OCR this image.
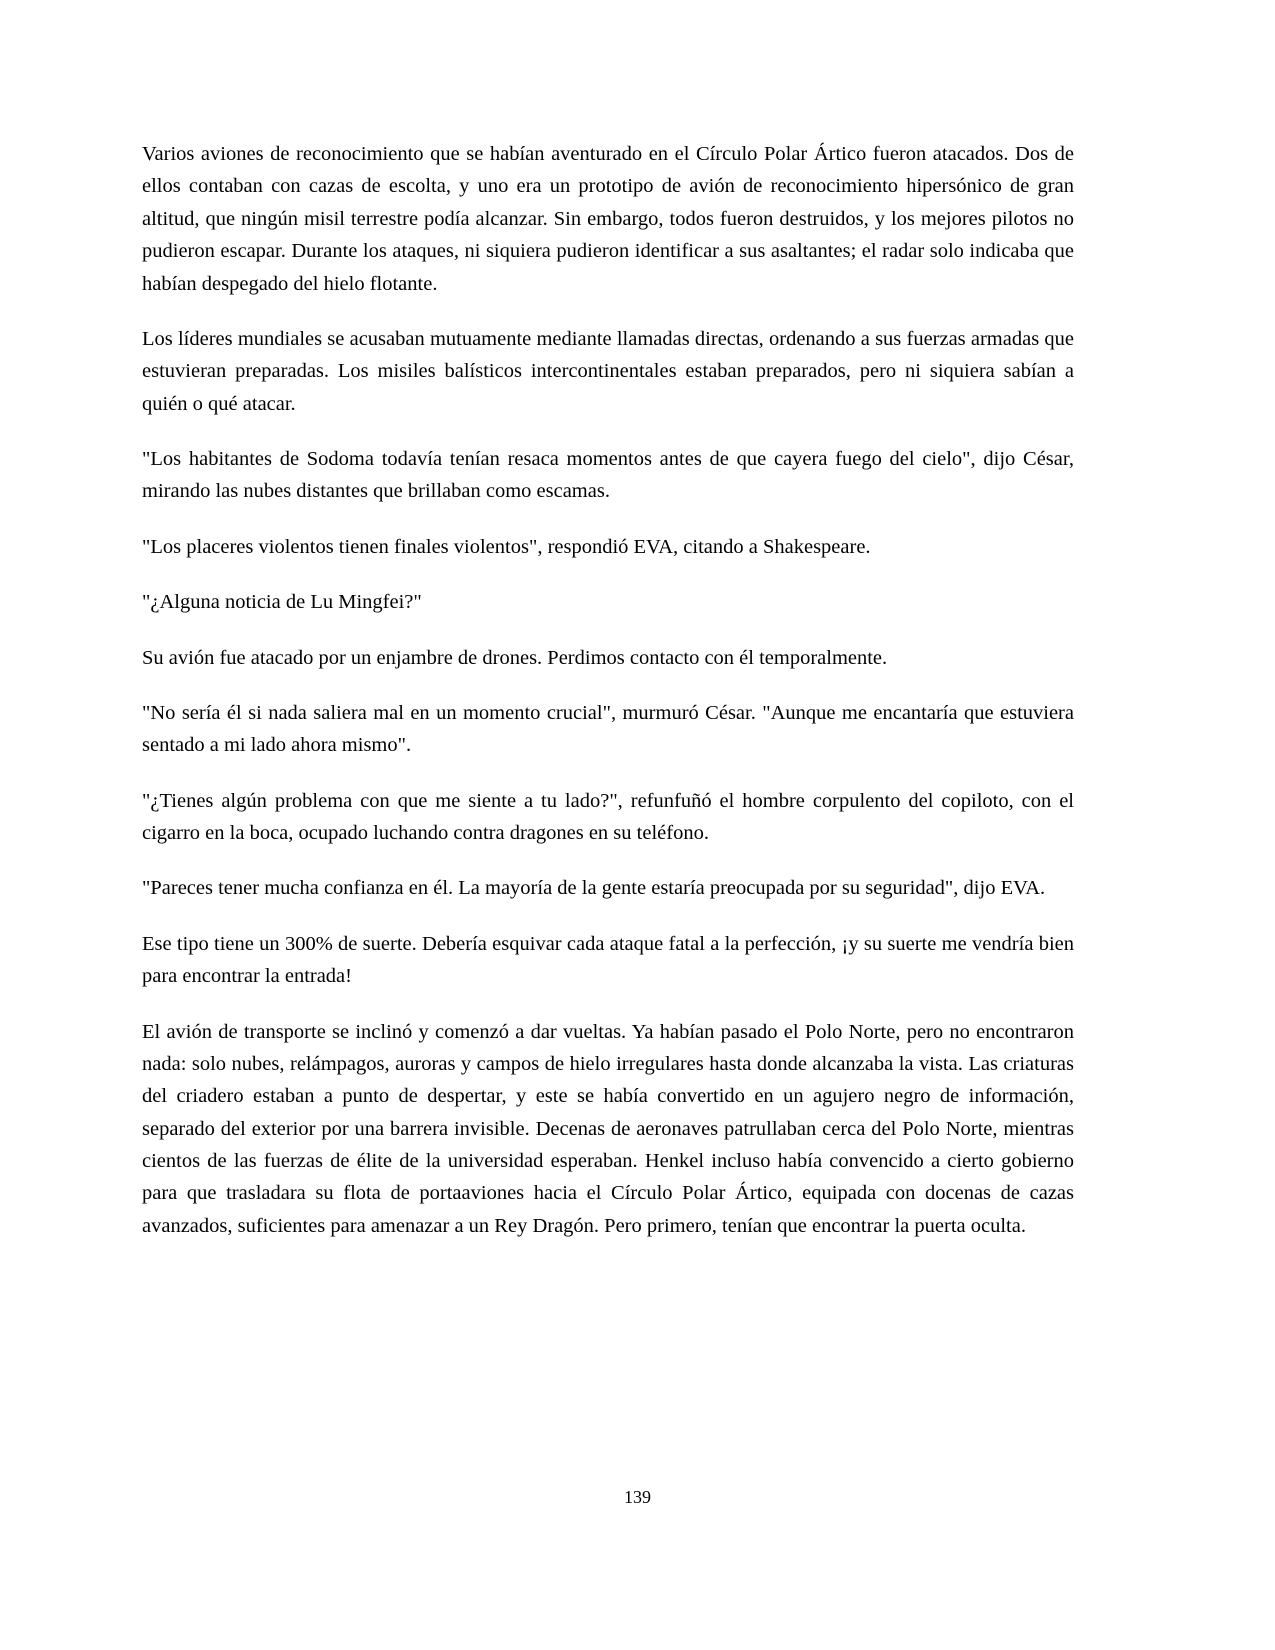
Varios aviones de reconocimiento que se habían aventurado en el Círculo Polar Ártico fueron atacados. Dos de ellos contaban con cazas de escolta, y uno era un prototipo de avión de reconocimiento hipersónico de gran altitud, que ningún misil terrestre podía alcanzar. Sin embargo, todos fueron destruidos, y los mejores pilotos no pudieron escapar. Durante los ataques, ni siquiera pudieron identificar a sus asaltantes; el radar solo indicaba que habían despegado del hielo flotante.

Los líderes mundiales se acusaban mutuamente mediante llamadas directas, ordenando a sus fuerzas armadas que estuvieran preparadas. Los misiles balísticos intercontinentales estaban preparados, pero ni siquiera sabían a quién o qué atacar.

"Los habitantes de Sodoma todavía tenían resaca momentos antes de que cayera fuego del cielo", dijo César, mirando las nubes distantes que brillaban como escamas.

"Los placeres violentos tienen finales violentos", respondió EVA, citando a Shakespeare.

"¿Alguna noticia de Lu Mingfei?"

Su avión fue atacado por un enjambre de drones. Perdimos contacto con él temporalmente.

"No sería él si nada saliera mal en un momento crucial", murmuró César. "Aunque me encantaría que estuviera sentado a mi lado ahora mismo".

"¿Tienes algún problema con que me siente a tu lado?", refunfuñó el hombre corpulento del copiloto, con el cigarro en la boca, ocupado luchando contra dragones en su teléfono.

"Pareces tener mucha confianza en él. La mayoría de la gente estaría preocupada por su seguridad", dijo EVA.

Ese tipo tiene un 300% de suerte. Debería esquivar cada ataque fatal a la perfección, ¡y su suerte me vendría bien para encontrar la entrada!

El avión de transporte se inclinó y comenzó a dar vueltas. Ya habían pasado el Polo Norte, pero no encontraron nada: solo nubes, relámpagos, auroras y campos de hielo irregulares hasta donde alcanzaba la vista. Las criaturas del criadero estaban a punto de despertar, y este se había convertido en un agujero negro de información, separado del exterior por una barrera invisible. Decenas de aeronaves patrullaban cerca del Polo Norte, mientras cientos de las fuerzas de élite de la universidad esperaban. Henkel incluso había convencido a cierto gobierno para que trasladara su flota de portaaviones hacia el Círculo Polar Ártico, equipada con docenas de cazas avanzados, suficientes para amenazar a un Rey Dragón. Pero primero, tenían que encontrar la puerta oculta.

139
